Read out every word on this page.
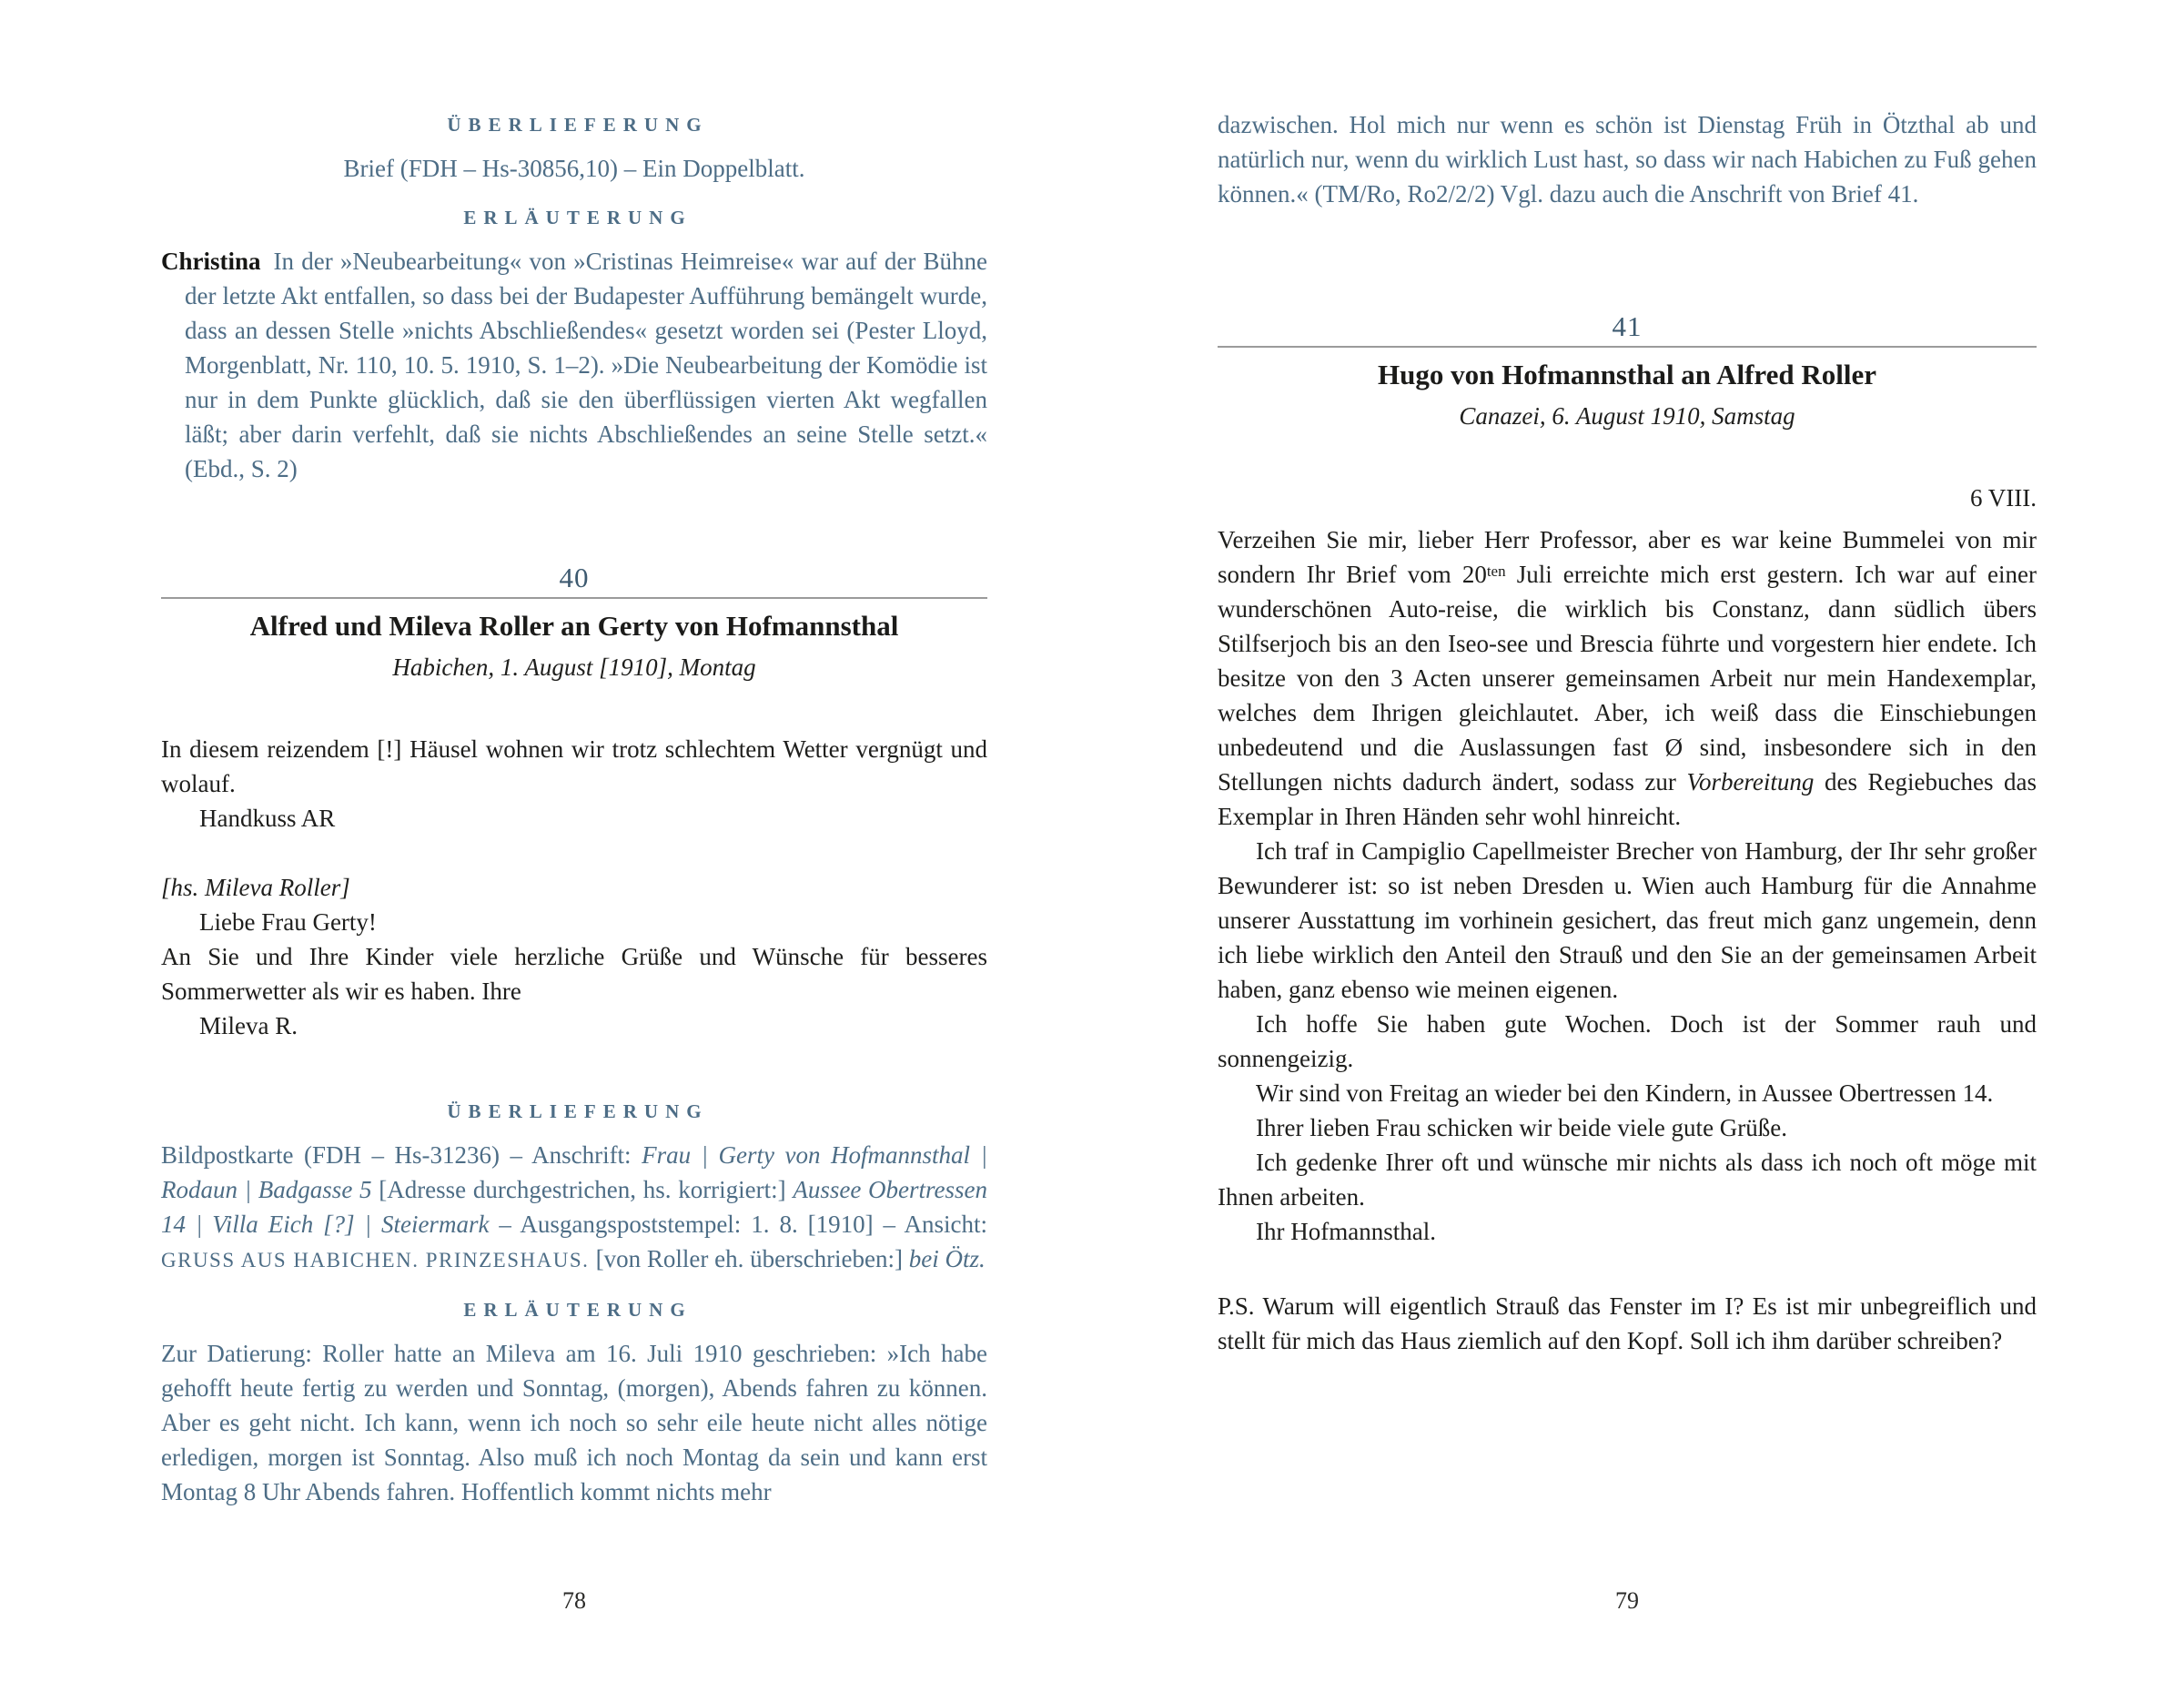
ÜBERLIEFERUNG

Brief (FDH – Hs-30856,10) – Ein Doppelblatt.

ERLÄUTERUNG

Christina In der »Neubearbeitung« von »Cristinas Heimreise« war auf der Bühne der letzte Akt entfallen, so dass bei der Budapester Aufführung bemängelt wurde, dass an dessen Stelle »nichts Abschließendes« gesetzt worden sei (Pester Lloyd, Morgenblatt, Nr. 110, 10. 5. 1910, S. 1–2). »Die Neubearbeitung der Komödie ist nur in dem Punkte glücklich, daß sie den überflüssigen vierten Akt wegfallen läßt; aber darin verfehlt, daß sie nichts Abschließendes an seine Stelle setzt.« (Ebd., S. 2)

40
Alfred und Mileva Roller an Gerty von Hofmannsthal
Habichen, 1. August [1910], Montag

In diesem reizendem [!] Häusel wohnen wir trotz schlechtem Wetter vergnügt und wolauf.

Handkuss AR

[hs. Mileva Roller]

Liebe Frau Gerty!

An Sie und Ihre Kinder viele herzliche Grüße und Wünsche für besseres Sommerwetter als wir es haben. Ihre

Mileva R.

ÜBERLIEFERUNG

Bildpostkarte (FDH – Hs-31236) – Anschrift: Frau | Gerty von Hofmannsthal | Rodaun | Badgasse 5 [Adresse durchgestrichen, hs. korrigiert:] Aussee Obertressen 14 | Villa Eich [?] | Steiermark – Ausgangspoststempel: 1. 8. [1910] – Ansicht: GRUSS AUS HABICHEN. PRINZESHAUS. [von Roller eh. überschrieben:] bei Ötz.

ERLÄUTERUNG

Zur Datierung: Roller hatte an Mileva am 16. Juli 1910 geschrieben: »Ich habe gehofft heute fertig zu werden und Sonntag, (morgen), Abends fahren zu können. Aber es geht nicht. Ich kann, wenn ich noch so sehr eile heute nicht alles nötige erledigen, morgen ist Sonntag. Also muß ich noch Montag da sein und kann erst Montag 8 Uhr Abends fahren. Hoffentlich kommt nichts mehr

78

dazwischen. Hol mich nur wenn es schön ist Dienstag Früh in Ötzthal ab und natürlich nur, wenn du wirklich Lust hast, so dass wir nach Habichen zu Fuß gehen können.« (TM/Ro, Ro2/2/2) Vgl. dazu auch die Anschrift von Brief 41.

41
Hugo von Hofmannsthal an Alfred Roller
Canazei, 6. August 1910, Samstag

6 VIII.

Verzeihen Sie mir, lieber Herr Professor, aber es war keine Bummelei von mir sondern Ihr Brief vom $20^{ten}$ Juli erreichte mich erst gestern. Ich war auf einer wunderschönen Auto-reise, die wirklich bis Constanz, dann südlich übers Stilfserjoch bis an den Iseo-see und Brescia führte und vorgestern hier endete. Ich besitze von den 3 Acten unserer gemeinsamen Arbeit nur mein Handexemplar, welches dem Ihrigen gleichlautet. Aber, ich weiß dass die Einschiebungen unbedeutend und die Auslassungen fast Ø sind, insbesondere sich in den Stellungen nichts dadurch ändert, sodass zur Vorbereitung des Regiebuches das Exemplar in Ihren Händen sehr wohl hinreicht.

Ich traf in Campiglio Capellmeister Brecher von Hamburg, der Ihr sehr großer Bewunderer ist: so ist neben Dresden u. Wien auch Hamburg für die Annahme unserer Ausstattung im vorhinein gesichert, das freut mich ganz ungemein, denn ich liebe wirklich den Anteil den Strauß und den Sie an der gemeinsamen Arbeit haben, ganz ebenso wie meinen eigenen.

Ich hoffe Sie haben gute Wochen. Doch ist der Sommer rauh und sonnengeizig.

Wir sind von Freitag an wieder bei den Kindern, in Aussee Obertressen 14.

Ihrer lieben Frau schicken wir beide viele gute Grüße.

Ich gedenke Ihrer oft und wünsche mir nichts als dass ich noch oft möge mit Ihnen arbeiten.

Ihr Hofmannsthal.

P.S. Warum will eigentlich Strauß das Fenster im I? Es ist mir unbegreiflich und stellt für mich das Haus ziemlich auf den Kopf. Soll ich ihm darüber schreiben?

79
